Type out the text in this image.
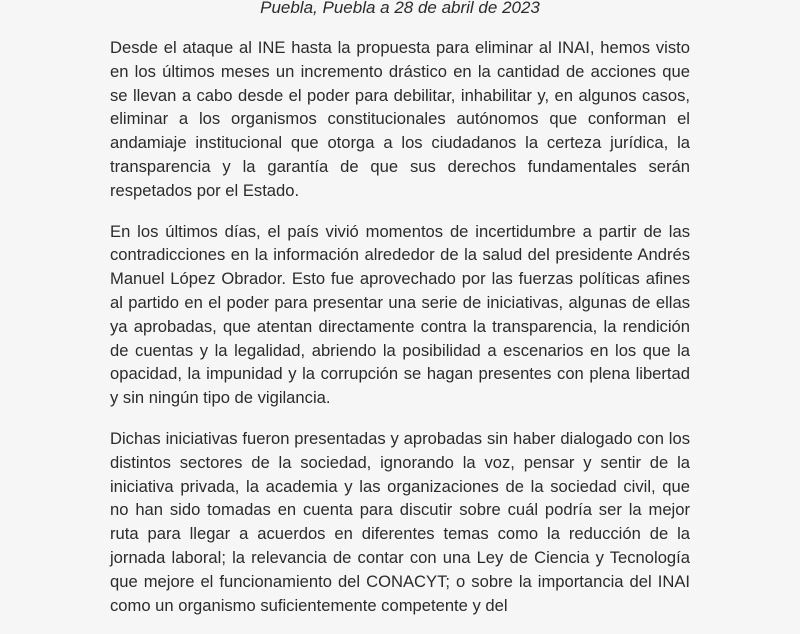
Puebla, Puebla a 28 de abril de 2023

Desde el ataque al INE hasta la propuesta para eliminar al INAI, hemos visto en los últimos meses un incremento drástico en la cantidad de acciones que se llevan a cabo desde el poder para debilitar, inhabilitar y, en algunos casos, eliminar a los organismos constitucionales autónomos que conforman el andamiaje institucional que otorga a los ciudadanos la certeza jurídica, la transparencia y la garantía de que sus derechos fundamentales serán respetados por el Estado.

En los últimos días, el país vivió momentos de incertidumbre a partir de las contradicciones en la información alrededor de la salud del presidente Andrés Manuel López Obrador. Esto fue aprovechado por las fuerzas políticas afines al partido en el poder para presentar una serie de iniciativas, algunas de ellas ya aprobadas, que atentan directamente contra la transparencia, la rendición de cuentas y la legalidad, abriendo la posibilidad a escenarios en los que la opacidad, la impunidad y la corrupción se hagan presentes con plena libertad y sin ningún tipo de vigilancia.

Dichas iniciativas fueron presentadas y aprobadas sin haber dialogado con los distintos sectores de la sociedad, ignorando la voz, pensar y sentir de la iniciativa privada, la academia y las organizaciones de la sociedad civil, que no han sido tomadas en cuenta para discutir sobre cuál podría ser la mejor ruta para llegar a acuerdos en diferentes temas como la reducción de la jornada laboral; la relevancia de contar con una Ley de Ciencia y Tecnología que mejore el funcionamiento del CONACYT; o sobre la importancia del INAI como un organismo suficientemente competente y del
